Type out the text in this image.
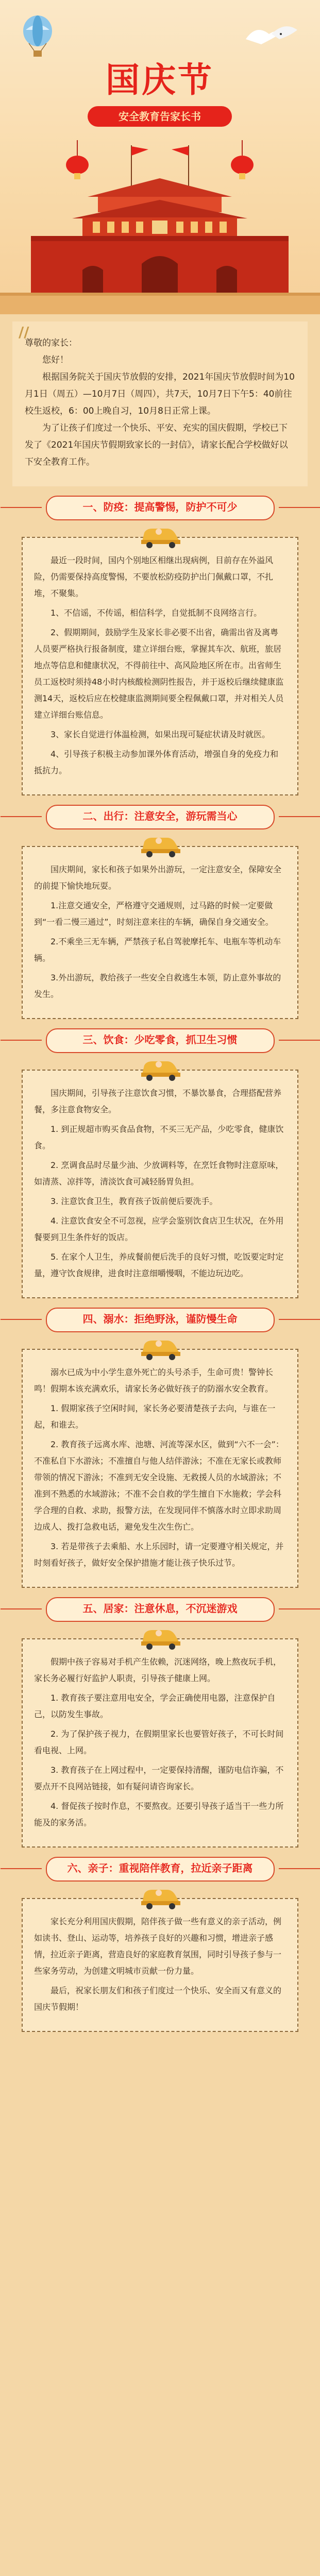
国庆节
安全教育告家长书
//

尊敬的家长：

您好！

根据国务院关于国庆节放假的安排，2021年国庆节放假时间为10月1日（周五）—10月7日（周四），共7天，10月7日下午5：40前往校生返校，6：00上晚自习，10月8日正常上课。

为了让孩子们度过一个快乐、平安、充实的国庆假期，学校已下发了《2021年国庆节假期致家长的一封信》，请家长配合学校做好以下安全教育工作。

一、防疫：提高警惕，防护不可少

最近一段时间，国内个别地区相继出现病例，目前存在外溢风险，仍需要保持高度警惕，不要放松防疫防护出门佩戴口罩，不扎堆，不聚集。

1、不信谣，不传谣，相信科学，自觉抵制不良网络言行。

2、假期期间，鼓励学生及家长非必要不出省，确需出省及离粤人员要严格执行报备制度，建立详细台账，掌握其车次、航班，旅居地点等信息和健康状况，不得前往中、高风险地区所在市。出省师生员工返校时须持48小时内核酸检测阴性报告，并于返校后继续健康监测14天，返校后应在校健康监测期间要全程佩戴口罩，并对相关人员建立详细台账信息。

3、家长自觉进行体温检测，如果出现可疑症状请及时就医。

4、引导孩子积极主动参加课外体育活动，增强自身的免疫力和抵抗力。

二、出行：注意安全，游玩需当心

国庆期间，家长和孩子如果外出游玩，一定注意安全，保障安全的前提下愉快地玩耍。

1.注意交通安全，严格遵守交通规则，过马路的时候一定要做到“一看二慢三通过”，时刻注意来往的车辆，确保自身交通安全。

2.不乘坐三无车辆，严禁孩子私自驾驶摩托车、电瓶车等机动车辆。

3.外出游玩，教给孩子一些安全自救逃生本领，防止意外事故的发生。

三、饮食：少吃零食，抓卫生习惯

国庆期间，引导孩子注意饮食习惯，不暴饮暴食，合理搭配营养餐，多注意食物安全。

1. 到正规超市购买食品食物，不买三无产品，少吃零食，健康饮食。

2. 烹调食品时尽量少油、少放调料等，在烹饪食物时注意原味，如清蒸、凉拌等，清淡饮食可减轻肠胃负担。

3. 注意饮食卫生，教育孩子饭前便后要洗手。

4. 注意饮食安全不可忽视，应学会鉴别饮食店卫生状况，在外用餐要到卫生条件好的饭店。

5. 在家个人卫生，养成餐前便后洗手的良好习惯，吃饭要定时定量，遵守饮食规律，进食时注意细嚼慢咽，不能边玩边吃。

四、溺水：拒绝野泳，谨防慢生命

溺水已成为中小学生意外死亡的头号杀手，生命可贵！警钟长鸣！假期本该充满欢乐，请家长务必做好孩子的防溺水安全教育。

1. 假期家孩子空闲时间，家长务必要清楚孩子去向，与谁在一起，和谁去。

2. 教育孩子远离水库、池塘、河流等深水区，做到“六不一会”：不准私自下水游泳；不准擅自与他人结伴游泳；不准在无家长或教师带领的情况下游泳；不准到无安全设施、无救援人员的水域游泳；不准到不熟悉的水域游泳；不准不会自救的学生擅自下水施救；学会科学合理的自救、求助，报警方法，在发现同伴不慎落水时立即求助周边成人、拨打急救电话，避免发生次生伤亡。

3. 若是带孩子去乘船、水上乐园时，请一定要遵守相关规定，并时刻看好孩子，做好安全保护措施才能让孩子快乐过节。

五、居家：注意休息，不沉迷游戏

假期中孩子容易对手机产生依赖，沉迷网络，晚上熬夜玩手机，家长务必履行好监护人职责，引导孩子健康上网。

1. 教育孩子要注意用电安全，学会正确使用电器，注意保护自己，以防发生事故。

2. 为了保护孩子视力，在假期里家长也要管好孩子，不可长时间看电视、上网。

3. 教育孩子在上网过程中，一定要保持清醒，谨防电信诈骗，不要点开不良网站链接，如有疑问请咨询家长。

4. 督促孩子按时作息，不要熬夜。还要引导孩子适当干一些力所能及的家务活。

六、亲子：重视陪伴教育，拉近亲子距离

家长充分利用国庆假期，陪伴孩子做一些有意义的亲子活动，例如读书、登山、运动等，培养孩子良好的兴趣和习惯，增进亲子感情，拉近亲子距离，营造良好的家庭教育氛围，同时引导孩子参与一些家务劳动，为创建文明城市贡献一份力量。

最后，祝家长朋友们和孩子们度过一个快乐、安全而又有意义的国庆节假期！
